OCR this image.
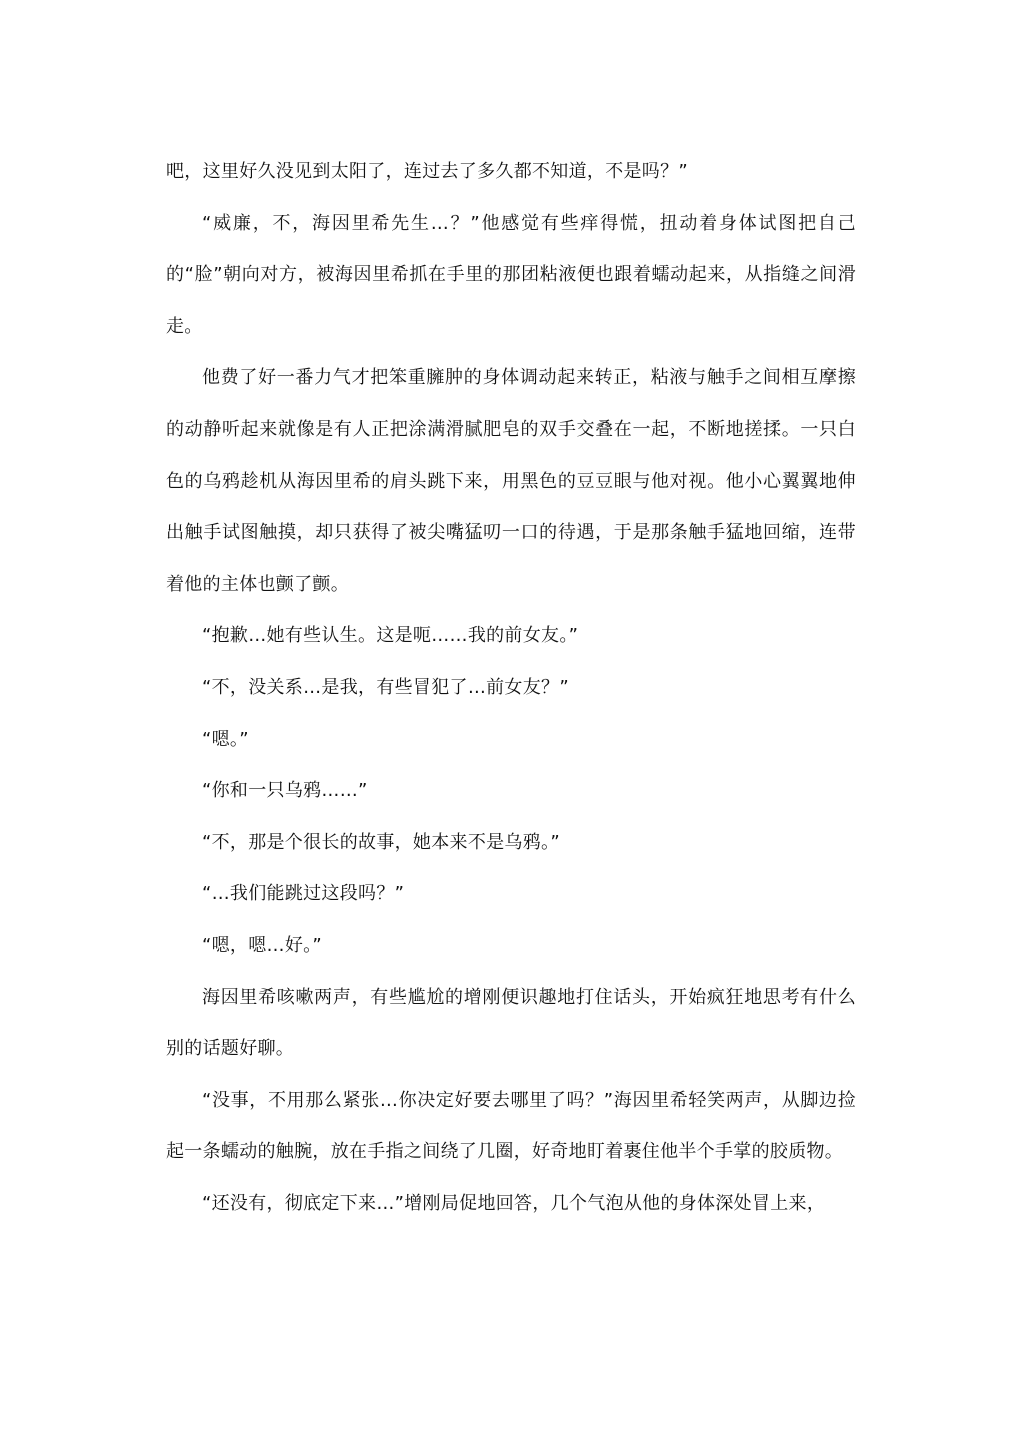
吧，这里好久没见到太阳了，连过去了多久都不知道，不是吗？”

“威廉，不，海因里希先生…？”他感觉有些痒得慌，扭动着身体试图把自己的“脸”朝向对方，被海因里希抓在手里的那团粘液便也跟着蠕动起来，从指缝之间滑走。

他费了好一番力气才把笨重臃肿的身体调动起来转正，粘液与触手之间相互摩擦的动静听起来就像是有人正把涂满滑腻肥皂的双手交叠在一起，不断地搓揉。一只白色的乌鸦趁机从海因里希的肩头跳下来，用黑色的豆豆眼与他对视。他小心翼翼地伸出触手试图触摸，却只获得了被尖嘴猛叨一口的待遇，于是那条触手猛地回缩，连带着他的主体也颤了颤。

“抱歉…她有些认生。这是呃……我的前女友。”

“不，没关系…是我，有些冒犯了…前女友？”

“嗯。”

“你和一只乌鸦……”

“不，那是个很长的故事，她本来不是乌鸦。”

“…我们能跳过这段吗？”

“嗯，嗯…好。”

海因里希咳嗽两声，有些尴尬的增刚便识趣地打住话头，开始疯狂地思考有什么别的话题好聊。

“没事，不用那么紧张…你决定好要去哪里了吗？”海因里希轻笑两声，从脚边捡起一条蠕动的触腕，放在手指之间绕了几圈，好奇地盯着裹住他半个手掌的胶质物。

“还没有，彻底定下来…”增刚局促地回答，几个气泡从他的身体深处冒上来，
